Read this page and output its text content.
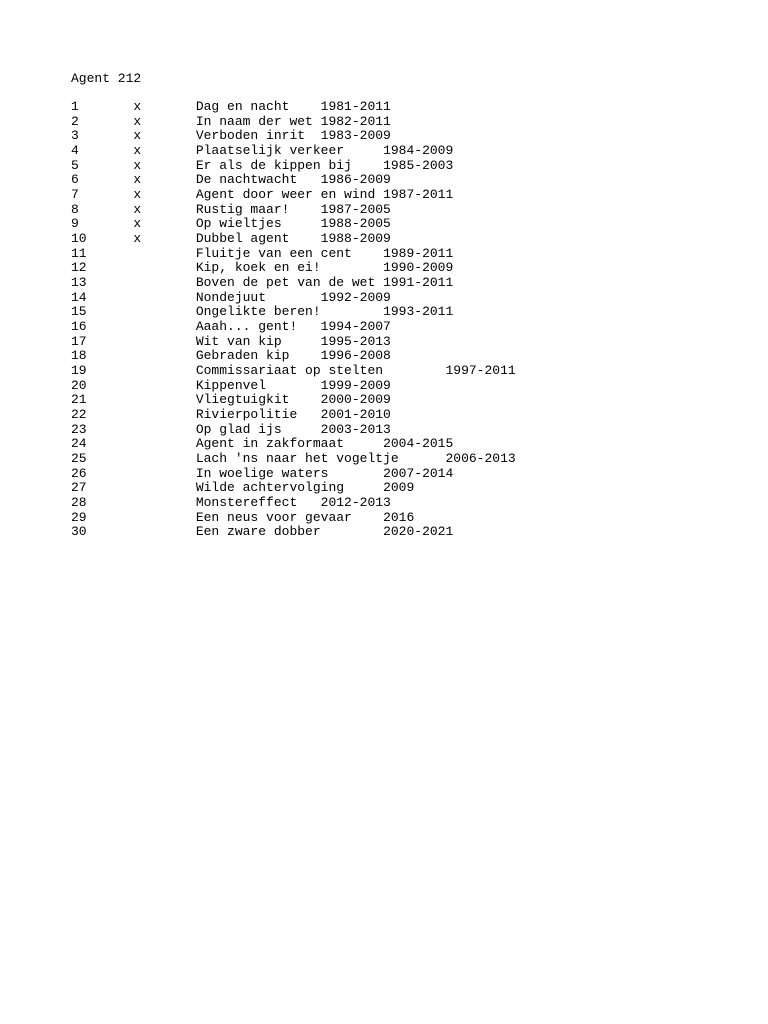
Agent 212
1	x	Dag en nacht	1981-2011
2	x	In naam der wet	1982-2011
3	x	Verboden inrit	1983-2009
4	x	Plaatselijk verkeer	1984-2009
5	x	Er als de kippen bij	1985-2003
6	x	De nachtwacht	1986-2009
7	x	Agent door weer en wind	1987-2011
8	x	Rustig maar!	1987-2005
9	x	Op wieltjes	1988-2005
10	x	Dubbel agent	1988-2009
11		Fluitje van een cent	1989-2011
12		Kip, koek en ei!	1990-2009
13		Boven de pet van de wet	1991-2011
14		Nondejuut	1992-2009
15		Ongelikte beren!	1993-2011
16		Aaah... gent!	1994-2007
17		Wit van kip	1995-2013
18		Gebraden kip	1996-2008
19		Commissariaat op stelten	1997-2011
20		Kippenvel	1999-2009
21		Vliegtuigkit	2000-2009
22		Rivierpolitie	2001-2010
23		Op glad ijs	2003-2013
24		Agent in zakformaat	2004-2015
25		Lach 'ns naar het vogeltje	2006-2013
26		In woelige waters	2007-2014
27		Wilde achtervolging	2009
28		Monstereffect	2012-2013
29		Een neus voor gevaar	2016
30		Een zware dobber	2020-2021
